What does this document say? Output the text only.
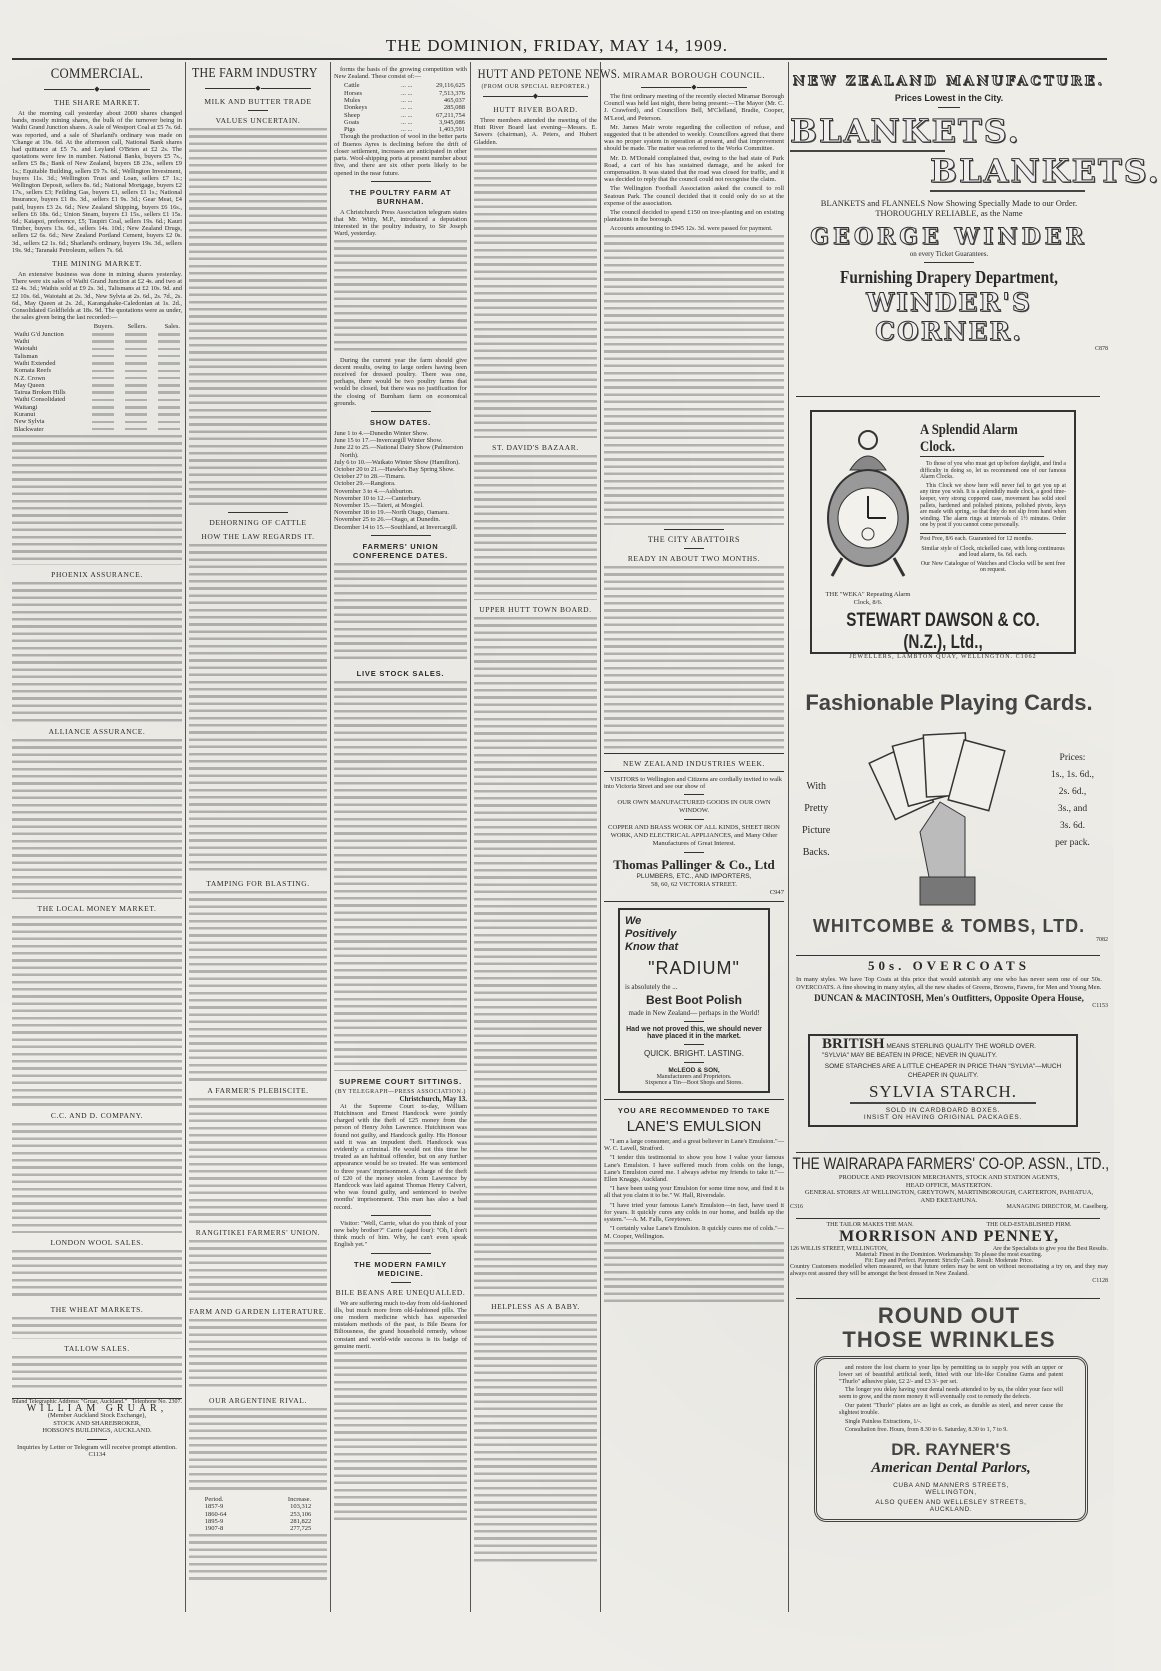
THE DOMINION, FRIDAY, MAY 14, 1909.
COMMERCIAL.
◆
THE SHARE MARKET.

At the morning call yesterday about 2000 shares changed hands, mostly mining shares, the bulk of the turnover being in Waihi Grand Junction shares. A sale of Westport Coal at £5 7s. 6d. was reported, and a sale of Sharland's ordinary was made on 'Change at 19s. 6d. At the afternoon call, National Bank shares had quittance at £5 7s. and Leyland O'Brien at £2 2s. The quotations were few in number. National Banks, buyers £5 7s., sellers £5 8s.; Bank of New Zealand, buyers £8 23s., sellers £9 1s.; Equitable Building, sellers £9 7s. 6d.; Wellington Investment, buyers 11s. 3d.; Wellington Trust and Loan, sellers £7 1s.; Wellington Deposit, sellers 8s. 6d.; National Mortgage, buyers £2 17s., sellers £3; Feilding Gas, buyers £1, sellers £1 1s.; National Insurance, buyers £1 8s. 3d., sellers £1 9s. 3d.; Gear Meat, £4 paid, buyers £3 2s. 6d.; New Zealand Shipping, buyers £6 16s., sellers £6 18s. 6d.; Union Steam, buyers £1 15s., sellers £1 15s. 6d.; Kaiapoi, preference, £5; Taupiri Coal, sellers 19s. 6d.; Kauri Timber, buyers 13s. 6d., sellers 14s. 10d.; New Zealand Drugs, sellers £2 6s. 6d.; New Zealand Portland Cement, buyers £2 0s. 3d., sellers £2 1s. 6d.; Sharland's ordinary, buyers 19s. 3d., sellers 19s. 9d.; Taranaki Petroleum, sellers 7s. 6d.

THE MINING MARKET.

An extensive business was done in mining shares yesterday. There were six sales of Waihi Grand Junction at £2 4s. and two at £2 4s. 3d.; Waihis sold at £9 2s. 3d., Talismans at £2 10s. 9d. and £2 10s. 6d., Waiotahi at 2s. 3d., New Sylvia at 2s. 6d., 2s. 7d., 2s. 6d., May Queen at 2s. 2d., Karangahake-Caledonian at 1s. 2d., Consolidated Goldfields at 18s. 9d. The quotations were as under, the sales given being the last recorded:—

	Buyers.	Sellers.	Sales.
Waihi G'd Junction			
Waihi			
Waiotahi			
Talisman			
Waihi Extended			
Komata Reefs			
N.Z. Crown			
May Queen			
Tairua Broken Hills			
Waihi Consolidated			
Waitangi			
Kuranui			
New Sylvia			
Blackwater			
PHOENIX ASSURANCE.
ALLIANCE ASSURANCE.
THE LOCAL MONEY MARKET.
C.C. AND D. COMPANY.
LONDON WOOL SALES.
THE WHEAT MARKETS.
TALLOW SALES.
Inland Telegraphic Address: "Gruar, Auckland." Telephone No. 2307.
WILLIAM GRUAR,
(Member Auckland Stock Exchange),
STOCK AND SHAREBROKER,
HOBSON'S BUILDINGS, AUCKLAND.
Inquiries by Letter or Telegram will receive prompt attention. C1134
THE FARM INDUSTRY
◆
MILK AND BUTTER TRADE
VALUES UNCERTAIN.
DEHORNING OF CATTLE
HOW THE LAW REGARDS IT.
TAMPING FOR BLASTING.
A FARMER'S PLEBISCITE.
RANGITIKEI FARMERS' UNION.
FARM AND GARDEN LITERATURE.
OUR ARGENTINE RIVAL.
Period.	Increase.
1857-9	103,312
1860-64	253,106
1895-9	281,822
1907-8	277,725

forms the basis of the growing competition with New Zealand. These consist of:—

Cattle	... ...	29,116,625
Horses	... ...	7,513,376
Mules	... ...	465,037
Donkeys	... ...	285,088
Sheep	... ...	67,211,754
Goats	... ...	3,945,086
Pigs	... ...	1,403,591

Though the production of wool in the better parts of Buenos Ayres is declining before the drift of closer settlement, increases are anticipated in other parts. Wool-shipping ports at present number about five, and there are six other ports likely to be opened in the near future.

THE POULTRY FARM AT BURNHAM.

A Christchurch Press Association telegram states that Mr. Witty, M.P., introduced a deputation interested in the poultry industry, to Sir Joseph Ward, yesterday.

During the current year the farm should give decent results, owing to large orders having been received for dressed poultry. There was one, perhaps, there would be two poultry farms that would be closed, but there was no justification for the closing of Burnham farm on economical grounds.

SHOW DATES.
June 1 to 4.—Dunedin Winter Show.
June 15 to 17.—Invercargill Winter Show.
June 22 to 25.—National Dairy Show (Palmerston North).
July 6 to 10.—Waikato Winter Show (Hamilton).
October 20 to 21.—Hawke's Bay Spring Show.
October 27 to 28.—Timaru.
October 29.—Rangiora.
November 3 to 4.—Ashburton.
November 10 to 12.—Canterbury.
November 15.—Taieri, at Mosgiel.
November 18 to 19.—North Otago, Oamaru.
November 25 to 26.—Otago, at Dunedin.
December 14 to 15.—Southland, at Invercargill.
FARMERS' UNION CONFERENCE DATES.
LIVE STOCK SALES.
SUPREME COURT SITTINGS.
(BY TELEGRAPH—PRESS ASSOCIATION.)
Christchurch, May 13.

At the Supreme Court to-day, William Hutchinson and Ernest Handcock were jointly charged with the theft of £25 money from the person of Henry John Lawrence. Hutchinson was found not guilty, and Handcock guilty. His Honour said it was an impudent theft. Handcock was evidently a criminal. He would not this time be treated as an habitual offender, but on any further appearance would be so treated. He was sentenced to three years' imprisonment. A charge of the theft of £20 of the money stolen from Lawrence by Handcock was laid against Thomas Henry Calvert, who was found guilty, and sentenced to twelve months' imprisonment. This man has also a bad record.

Visitor: "Well, Carrie, what do you think of your new baby brother?" Carrie (aged four): "Oh, I don't think much of him. Why, he can't even speak English yet."

THE MODERN FAMILY MEDICINE.
BILE BEANS ARE UNEQUALLED.

We are suffering much to-day from old-fashioned ills, but much more from old-fashioned pills. The one modern medicine which has superseded mistaken methods of the past, is Bile Beans for Biliousness, the grand household remedy, whose constant and world-wide success is its badge of genuine merit.

HUTT AND PETONE NEWS.
(FROM OUR SPECIAL REPORTER.)
◆
HUTT RIVER BOARD.

Three members attended the meeting of the Hutt River Board last evening—Messrs. E. Sawers (chairman), A. Peters, and Hubert Gladden.

ST. DAVID'S BAZAAR.
UPPER HUTT TOWN BOARD.
HELPLESS AS A BABY.
MIRAMAR BOROUGH COUNCIL.
◆

The first ordinary meeting of the recently elected Miramar Borough Council was held last night, there being present:—The Mayor (Mr. C. J. Crawford), and Councillors Bell, M'Clelland, Bradie, Cooper, M'Leod, and Peterson.

Mr. James Mair wrote regarding the collection of refuse, and suggested that it be attended to weekly. Councillors agreed that there was no proper system in operation at present, and that improvement should be made. The matter was referred to the Works Committee.

Mr. D. M'Donald complained that, owing to the bad state of Park Road, a cart of his has sustained damage, and he asked for compensation. It was stated that the road was closed for traffic, and it was decided to reply that the council could not recognise the claim.

The Wellington Football Association asked the council to roll Seatoun Park. The council decided that it could only do so at the expense of the association.

The council decided to spend £150 on tree-planting and on existing plantations in the borough.

Accounts amounting to £945 12s. 3d. were passed for payment.

THE CITY ABATTOIRS
READY IN ABOUT TWO MONTHS.
NEW ZEALAND INDUSTRIES WEEK.

VISITORS to Wellington and Citizens are cordially invited to walk into Victoria Street and see our show of

OUR OWN MANUFACTURED GOODS IN OUR OWN WINDOW.
COPPER AND BRASS WORK OF ALL KINDS, SHEET IRON WORK, AND ELECTRICAL APPLIANCES, and Many Other Manufactures of Great Interest.
Thomas Pallinger & Co., Ltd
PLUMBERS, ETC., AND IMPORTERS,
58, 60, 62 VICTORIA STREET.
C947
We
Positively
Know that
"RADIUM"
is absolutely the ...
Best Boot Polish
made in New Zealand— perhaps in the World!
Had we not proved this, we should never have placed it in the market.
QUICK. BRIGHT. LASTING.
McLEOD & SON,
Manufacturers and Proprietors.
Sixpence a Tin—Boot Shops and Stores.
YOU ARE RECOMMENDED TO TAKE
LANE'S EMULSION

"I am a large consumer, and a great believer in Lane's Emulsion."—W. C. Lavell, Stratford.

"I tender this testimonial to show you how I value your famous Lane's Emulsion. I have suffered much from colds on the lungs, Lane's Emulsion cured me. I always advise my friends to take it."—Ellen Knaggs, Auckland.

"I have been using your Emulsion for some time now, and find it is all that you claim it to be." W. Hall, Riversdale.

"I have tried your famous Lane's Emulsion—in fact, have used it for years. It quickly cures any colds in our home, and builds up the system."—A. M. Falls, Greytown.

"I certainly value Lane's Emulsion. It quickly cures me of colds."—M. Cooper, Wellington.

NEW ZEALAND MANUFACTURE.
Prices Lowest in the City.
BLANKETS.
BLANKETS.
BLANKETS and FLANNELS Now Showing Specially Made to our Order. THOROUGHLY RELIABLE, as the Name
GEORGE WINDER
on every Ticket Guarantees.
Furnishing Drapery Department,
WINDER'S CORNER.
C878
THE "WEKA" Repeating Alarm Clock, 8/6.
A Splendid Alarm Clock.

To those of you who must get up before daylight, and find a difficulty in doing so, let us recommend one of our famous Alarm Clocks.

This Clock we show here will never fail to get you up at any time you wish. It is a splendidly made clock, a good time-keeper, very strong coppered case, movement has solid steel pallets, hardened and polished pinions, polished pivots, keys are made with spring, so that they do not slip from hand when winding. The alarm rings at intervals of 1½ minutes. Order one by post if you cannot come personally.

Post Free, 8/6 each. Guaranteed for 12 months.
Similar style of Clock, nickelled case, with long continuous and loud alarm, 6s. 6d. each.
Our New Catalogue of Watches and Clocks will be sent free on request.
STEWART DAWSON & CO. (N.Z.), Ltd.,
JEWELLERS, LAMBTON QUAY, WELLINGTON. C1062
Fashionable Playing Cards.
With
Pretty
Picture
Backs.
Prices:
1s., 1s. 6d.,
2s. 6d.,
3s., and
3s. 6d.
per pack.
WHITCOMBE & TOMBS, LTD.
7082
50s. OVERCOATS
In many styles. We have Top Coats at this price that would astonish any one who has never seen one of our 50s. OVERCOATS. A fine showing in many styles, all the new shades of Greens, Browns, Fawns, for Men and Young Men.
DUNCAN & MACINTOSH, Men's Outfitters, Opposite Opera House,
C1153
BRITISH MEANS STERLING QUALITY THE WORLD OVER. "SYLVIA" MAY BE BEATEN IN PRICE; NEVER IN QUALITY.
SOME STARCHES ARE A LITTLE CHEAPER IN PRICE THAN "SYLVIA"—MUCH CHEAPER IN QUALITY.
SYLVIA STARCH.
SOLD IN CARDBOARD BOXES.
INSIST ON HAVING ORIGINAL PACKAGES.
THE WAIRARAPA FARMERS' CO-OP. ASSN., LTD.,
PRODUCE AND PROVISION MERCHANTS, STOCK AND STATION AGENTS,
HEAD OFFICE, MASTERTON.
GENERAL STORES AT WELLINGTON, GREYTOWN, MARTINBOROUGH, CARTERTON, PAHIATUA, AND EKETAHUNA.
C316	MANAGING DIRECTOR, M. Caselberg.
THE TAILOR MAKES THE MAN.	THE OLD-ESTABLISHED FIRM.
MORRISON AND PENNEY,
126 WILLIS STREET, WELLINGTON,	Are the Specialists to give you the Best Results.
Material: Finest in the Dominion. Workmanship: To please the most exacting.
Fit: Easy and Perfect. Payment: Strictly Cash. Result: Moderate Price.
Country Customers modelled when measured, so that future orders may be sent on without necessitating a try on, and they may always rest assured they will be amongst the best dressed in New Zealand.
C1128
ROUND OUT
THOSE WRINKLES

and restore the lost charm to your lips by permitting us to supply you with an upper or lower set of beautiful artificial teeth, fitted with our life-like Coraline Gums and patent "Thurlo" adhesive plate, £2 2/- and £3 3/- per set.

The longer you delay having your dental needs attended to by us, the older your face will seem to grow, and the more money it will eventually cost to remedy the defects.

Our patent "Thurlo" plates are as light as cork, as durable as steel, and never cause the slightest trouble.

Single Painless Extractions, 1/-.

Consultation free. Hours, from 8.30 to 6. Saturday, 8.30 to 1, 7 to 9.

DR. RAYNER'S
American Dental Parlors,
CUBA AND MANNERS STREETS, WELLINGTON,
ALSO QUEEN AND WELLESLEY STREETS, AUCKLAND.
